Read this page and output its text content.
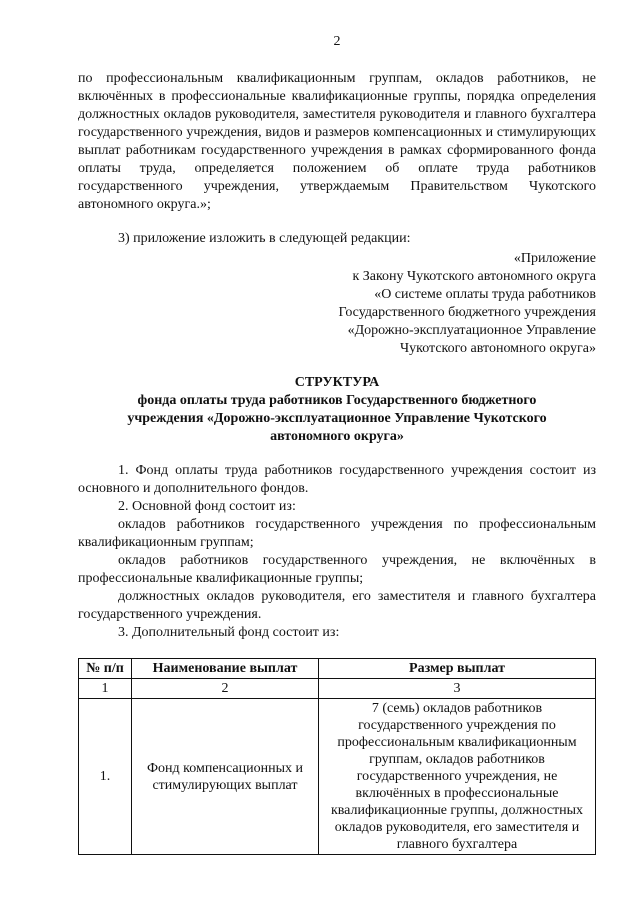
2

по профессиональным квалификационным группам, окладов работников, не включённых в профессиональные квалификационные группы, порядка определения должностных окладов руководителя, заместителя руководителя и главного бухгалтера государственного учреждения, видов и размеров компенсационных и стимулирующих выплат работникам государственного учреждения в рамках сформированного фонда оплаты труда, определяется положением об оплате труда работников государственного учреждения, утверждаемым Правительством Чукотского автономного округа.»;

3) приложение изложить в следующей редакции:

«Приложение
к Закону Чукотского автономного округа
«О системе оплаты труда работников
Государственного бюджетного учреждения
«Дорожно-эксплуатационное Управление
Чукотского автономного округа»
СТРУКТУРА
фонда оплаты труда работников Государственного бюджетного
учреждения «Дорожно-эксплуатационное Управление Чукотского
автономного округа»

1. Фонд оплаты труда работников государственного учреждения состоит из основного и дополнительного фондов.

2. Основной фонд состоит из:

окладов работников государственного учреждения по профессиональным квалификационным группам;

окладов работников государственного учреждения, не включённых в профессиональные квалификационные группы;

должностных окладов руководителя, его заместителя и главного бухгалтера государственного учреждения.

3. Дополнительный фонд состоит из:

№ п/п	Наименование выплат	Размер выплат
1	2	3
1.	Фонд компенсационных и стимулирующих выплат	7 (семь) окладов работников государственного учреждения по профессиональным квалификационным группам, окладов работников государственного учреждения, не включённых в профессиональные квалификационные группы, должностных окладов руководителя, его заместителя и главного бухгалтера
